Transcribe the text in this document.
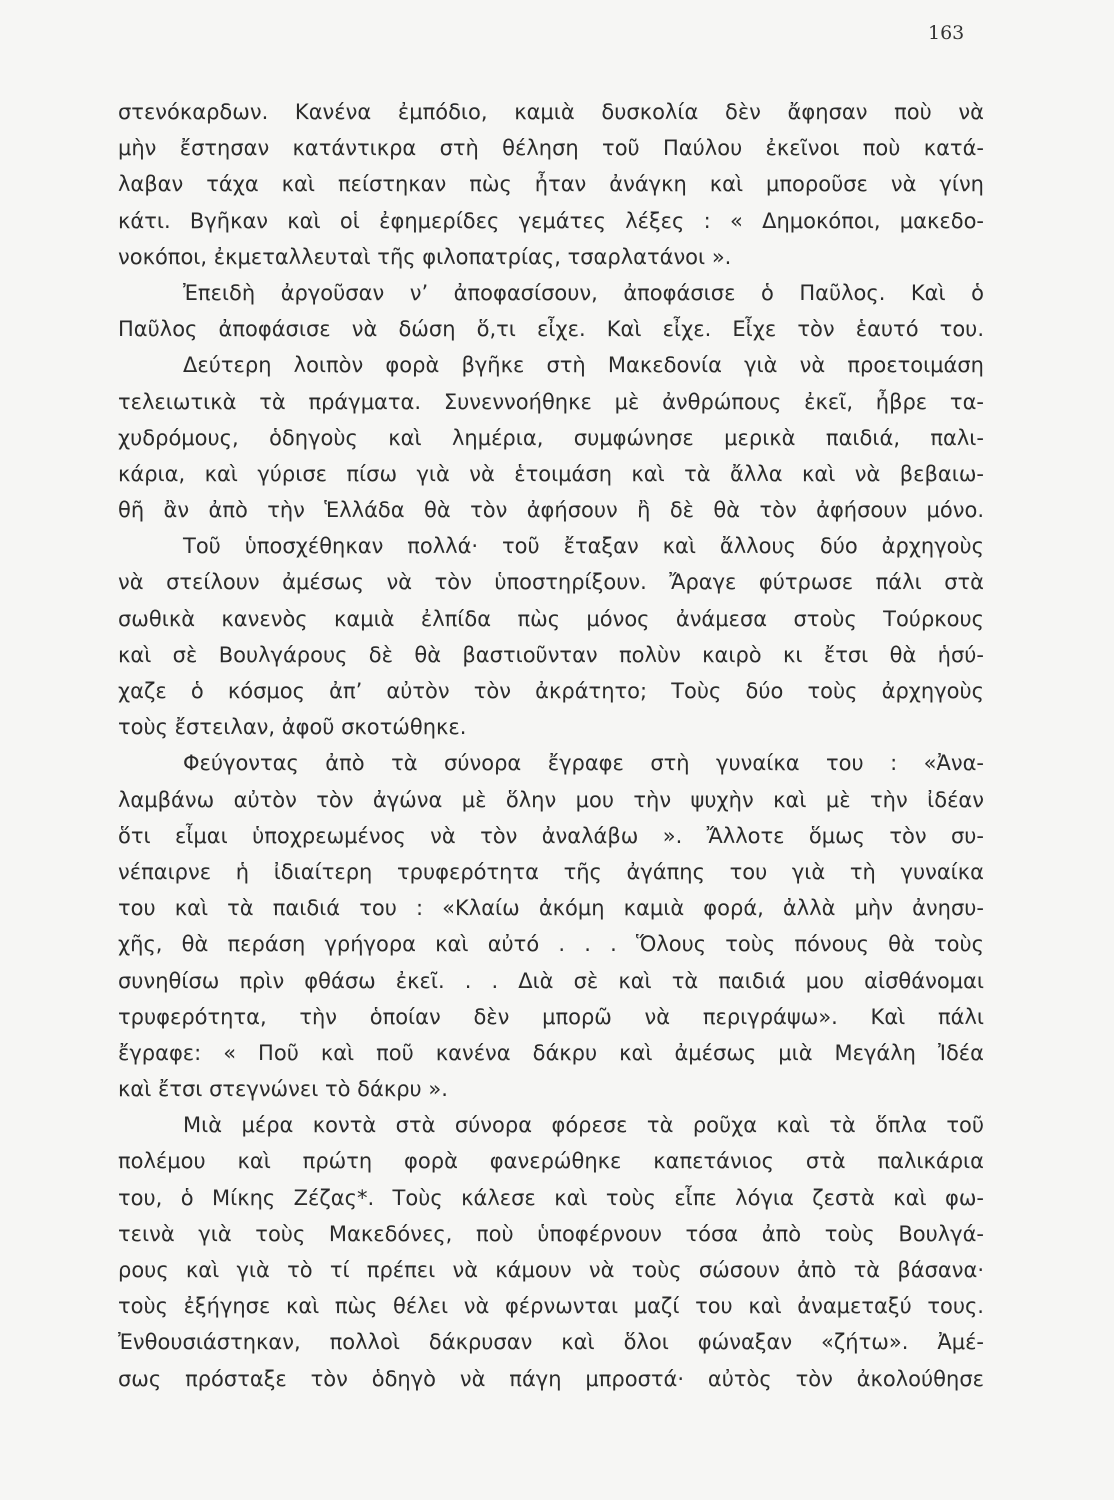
163
στενόκαρδων. Κανένα ἐμπόδιο, καμιὰ δυσκολία δὲν ἄφησαν ποὺ νὰ
μὴν ἔστησαν κατάντικρα στὴ θέληση τοῦ Παύλου ἐκεῖνοι ποὺ κατά-
λαβαν τάχα καὶ πείστηκαν πὼς ἦταν ἀνάγκη καὶ μποροῦσε νὰ γίνη
κάτι. Βγῆκαν καὶ οἱ ἐφημερίδες γεμάτες λέξες : « Δημοκόποι, μακεδο-
νοκόποι, ἐκμεταλλευταὶ τῆς φιλοπατρίας, τσαρλατάνοι ».
Ἐπειδὴ ἀργοῦσαν ν’ ἀποφασίσουν, ἀποφάσισε ὁ Παῦλος. Καὶ ὁ
Παῦλος ἀποφάσισε νὰ δώση ὅ,τι εἶχε. Καὶ εἶχε. Εἶχε τὸν ἑαυτό του.
Δεύτερη λοιπὸν φορὰ βγῆκε στὴ Μακεδονία γιὰ νὰ προετοιμάση
τελειωτικὰ τὰ πράγματα. Συνεννοήθηκε μὲ ἀνθρώπους ἐκεῖ, ἦβρε τα-
χυδρόμους, ὁδηγοὺς καὶ λημέρια, συμφώνησε μερικὰ παιδιά, παλι-
κάρια, καὶ γύρισε πίσω γιὰ νὰ ἑτοιμάση καὶ τὰ ἄλλα καὶ νὰ βεβαιω-
θῆ ἂν ἀπὸ τὴν Ἑλλάδα θὰ τὸν ἀφήσουν ἢ δὲ θὰ τὸν ἀφήσουν μόνο.
Τοῦ ὑποσχέθηκαν πολλά· τοῦ ἔταξαν καὶ ἄλλους δύο ἀρχηγοὺς
νὰ στείλουν ἀμέσως νὰ τὸν ὑποστηρίξουν. Ἄραγε φύτρωσε πάλι στὰ
σωθικὰ κανενὸς καμιὰ ἐλπίδα πὼς μόνος ἀνάμεσα στοὺς Τούρκους
καὶ σὲ Βουλγάρους δὲ θὰ βαστιοῦνταν πολὺν καιρὸ κι ἔτσι θὰ ἡσύ-
χαζε ὁ κόσμος ἀπ’ αὐτὸν τὸν ἀκράτητο; Τοὺς δύο τοὺς ἀρχηγοὺς
τοὺς ἔστειλαν, ἀφοῦ σκοτώθηκε.
Φεύγοντας ἀπὸ τὰ σύνορα ἔγραφε στὴ γυναίκα του : «Ἀνα-
λαμβάνω αὐτὸν τὸν ἀγώνα μὲ ὅλην μου τὴν ψυχὴν καὶ μὲ τὴν ἰδέαν
ὅτι εἶμαι ὑποχρεωμένος νὰ τὸν ἀναλάβω ». Ἄλλοτε ὅμως τὸν συ-
νέπαιρνε ἡ ἰδιαίτερη τρυφερότητα τῆς ἀγάπης του γιὰ τὴ γυναίκα
του καὶ τὰ παιδιά του : «Κλαίω ἀκόμη καμιὰ φορά, ἀλλὰ μὴν ἀνησυ-
χῆς, θὰ περάση γρήγορα καὶ αὐτό . . . Ὅλους τοὺς πόνους θὰ τοὺς
συνηθίσω πρὶν φθάσω ἐκεῖ. . . Διὰ σὲ καὶ τὰ παιδιά μου αἰσθάνομαι
τρυφερότητα, τὴν ὁποίαν δὲν μπορῶ νὰ περιγράψω». Καὶ πάλι
ἔγραφε: « Ποῦ καὶ ποῦ κανένα δάκρυ καὶ ἀμέσως μιὰ Μεγάλη Ἰδέα
καὶ ἔτσι στεγνώνει τὸ δάκρυ ».
Μιὰ μέρα κοντὰ στὰ σύνορα φόρεσε τὰ ροῦχα καὶ τὰ ὅπλα τοῦ
πολέμου καὶ πρώτη φορὰ φανερώθηκε καπετάνιος στὰ παλικάρια
του, ὁ Μίκης Ζέζας*. Τοὺς κάλεσε καὶ τοὺς εἶπε λόγια ζεστὰ καὶ φω-
τεινὰ γιὰ τοὺς Μακεδόνες, ποὺ ὑποφέρνουν τόσα ἀπὸ τοὺς Βουλγά-
ρους καὶ γιὰ τὸ τί πρέπει νὰ κάμουν νὰ τοὺς σώσουν ἀπὸ τὰ βάσανα·
τοὺς ἐξήγησε καὶ πὼς θέλει νὰ φέρνωνται μαζί του καὶ ἀναμεταξύ τους.
Ἐνθουσιάστηκαν, πολλοὶ δάκρυσαν καὶ ὅλοι φώναξαν «ζήτω». Ἀμέ-
σως πρόσταξε τὸν ὁδηγὸ νὰ πάγη μπροστά· αὐτὸς τὸν ἀκολούθησε
